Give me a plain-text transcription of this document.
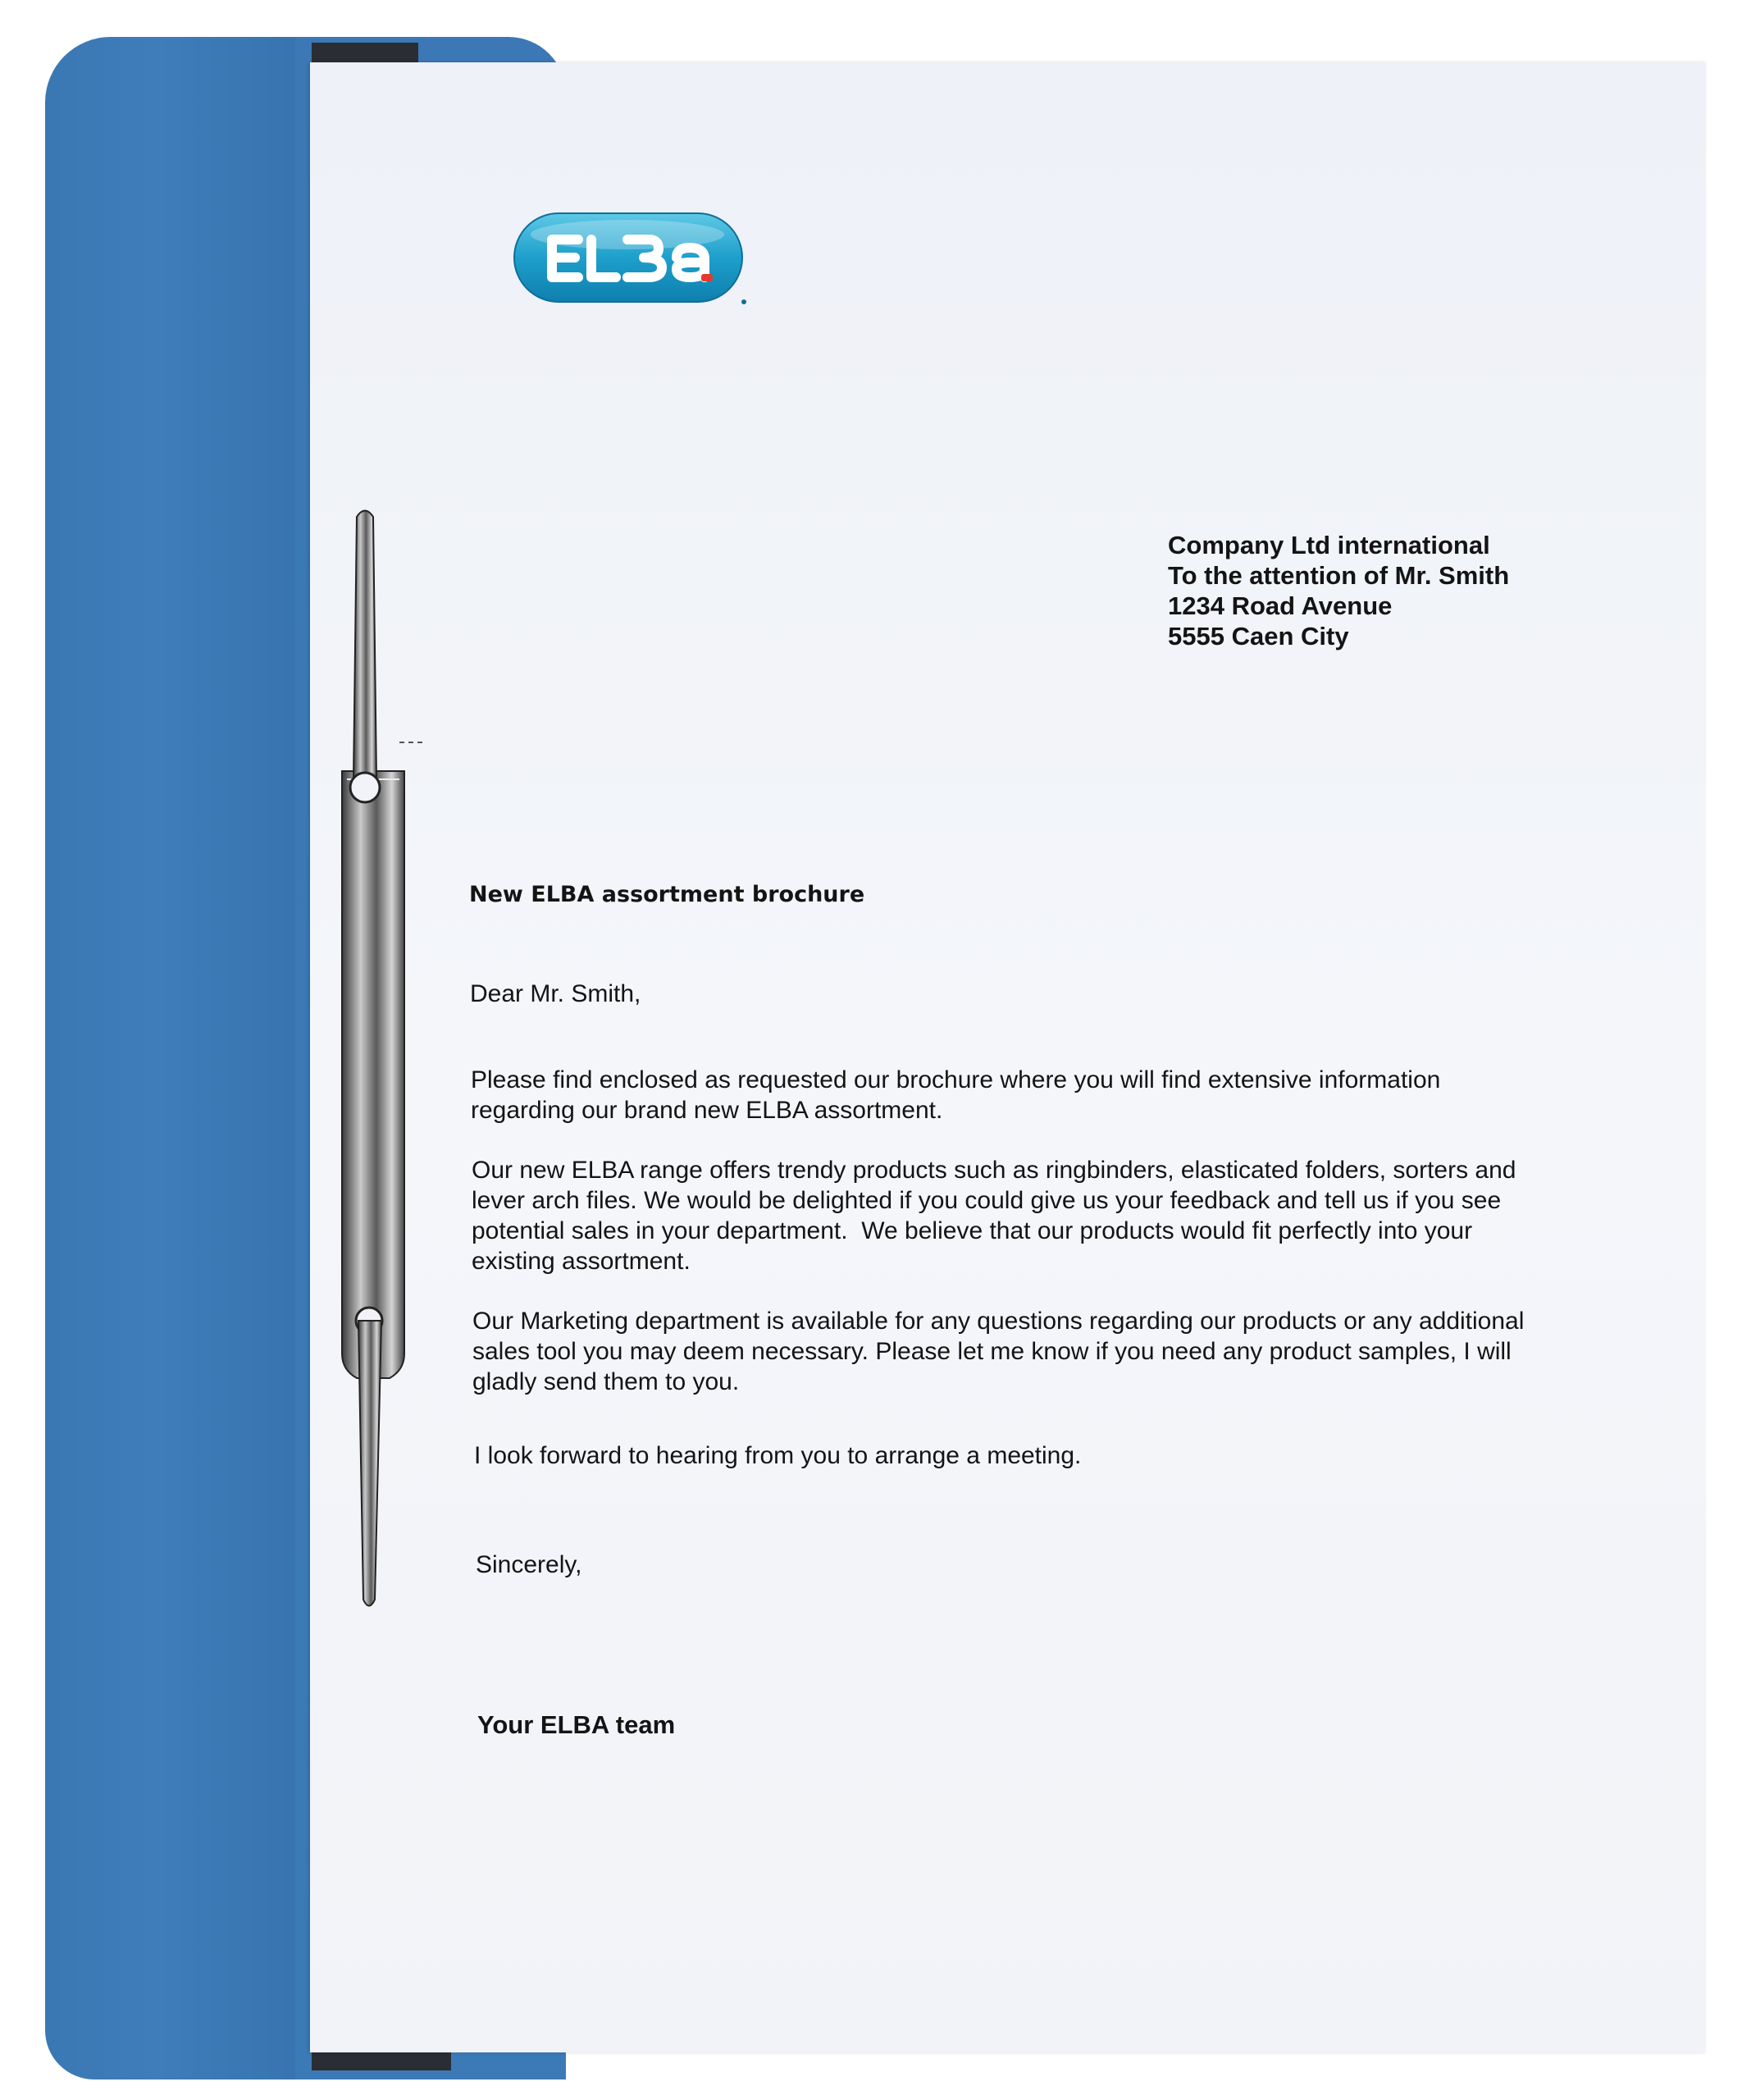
Company Ltd international
To the attention of Mr. Smith
1234 Road Avenue
5555 Caen City

New ELBA assortment brochure

Dear Mr. Smith,

Please find enclosed as requested our brochure where you will find extensive information
regarding our brand new ELBA assortment.
Our new ELBA range offers trendy products such as ringbinders, elasticated folders, sorters and
lever arch files. We would be delighted if you could give us your feedback and tell us if you see
potential sales in your department.  We believe that our products would fit perfectly into your
existing assortment.
Our Marketing department is available for any questions regarding our products or any additional
sales tool you may deem necessary. Please let me know if you need any product samples, I will
gladly send them to you.
I look forward to hearing from you to arrange a meeting.

Sincerely,

Your ELBA team
